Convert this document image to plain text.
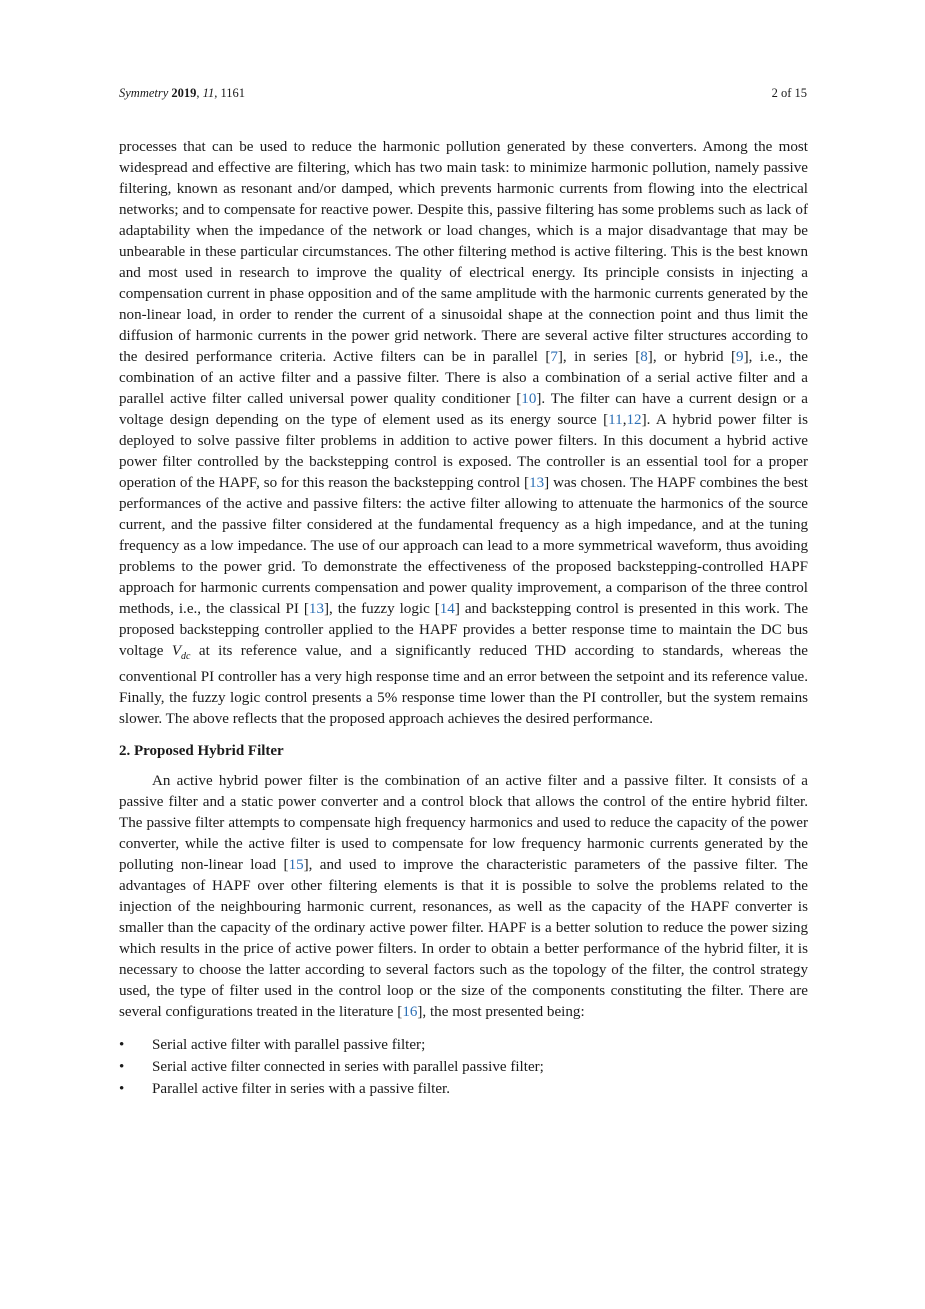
Symmetry 2019, 11, 1161	2 of 15

processes that can be used to reduce the harmonic pollution generated by these converters. Among the most widespread and effective are filtering, which has two main task: to minimize harmonic pollution, namely passive filtering, known as resonant and/or damped, which prevents harmonic currents from flowing into the electrical networks; and to compensate for reactive power. Despite this, passive filtering has some problems such as lack of adaptability when the impedance of the network or load changes, which is a major disadvantage that may be unbearable in these particular circumstances. The other filtering method is active filtering. This is the best known and most used in research to improve the quality of electrical energy. Its principle consists in injecting a compensation current in phase opposition and of the same amplitude with the harmonic currents generated by the non-linear load, in order to render the current of a sinusoidal shape at the connection point and thus limit the diffusion of harmonic currents in the power grid network. There are several active filter structures according to the desired performance criteria. Active filters can be in parallel [7], in series [8], or hybrid [9], i.e., the combination of an active filter and a passive filter. There is also a combination of a serial active filter and a parallel active filter called universal power quality conditioner [10]. The filter can have a current design or a voltage design depending on the type of element used as its energy source [11,12]. A hybrid power filter is deployed to solve passive filter problems in addition to active power filters. In this document a hybrid active power filter controlled by the backstepping control is exposed. The controller is an essential tool for a proper operation of the HAPF, so for this reason the backstepping control [13] was chosen. The HAPF combines the best performances of the active and passive filters: the active filter allowing to attenuate the harmonics of the source current, and the passive filter considered at the fundamental frequency as a high impedance, and at the tuning frequency as a low impedance. The use of our approach can lead to a more symmetrical waveform, thus avoiding problems to the power grid. To demonstrate the effectiveness of the proposed backstepping-controlled HAPF approach for harmonic currents compensation and power quality improvement, a comparison of the three control methods, i.e., the classical PI [13], the fuzzy logic [14] and backstepping control is presented in this work. The proposed backstepping controller applied to the HAPF provides a better response time to maintain the DC bus voltage $V_{dc}$ at its reference value, and a significantly reduced THD according to standards, whereas the conventional PI controller has a very high response time and an error between the setpoint and its reference value. Finally, the fuzzy logic control presents a 5% response time lower than the PI controller, but the system remains slower. The above reflects that the proposed approach achieves the desired performance.

2. Proposed Hybrid Filter

An active hybrid power filter is the combination of an active filter and a passive filter. It consists of a passive filter and a static power converter and a control block that allows the control of the entire hybrid filter. The passive filter attempts to compensate high frequency harmonics and used to reduce the capacity of the power converter, while the active filter is used to compensate for low frequency harmonic currents generated by the polluting non-linear load [15], and used to improve the characteristic parameters of the passive filter. The advantages of HAPF over other filtering elements is that it is possible to solve the problems related to the injection of the neighbouring harmonic current, resonances, as well as the capacity of the HAPF converter is smaller than the capacity of the ordinary active power filter. HAPF is a better solution to reduce the power sizing which results in the price of active power filters. In order to obtain a better performance of the hybrid filter, it is necessary to choose the latter according to several factors such as the topology of the filter, the control strategy used, the type of filter used in the control loop or the size of the components constituting the filter. There are several configurations treated in the literature [16], the most presented being:

• Serial active filter with parallel passive filter;
• Serial active filter connected in series with parallel passive filter;
• Parallel active filter in series with a passive filter.
